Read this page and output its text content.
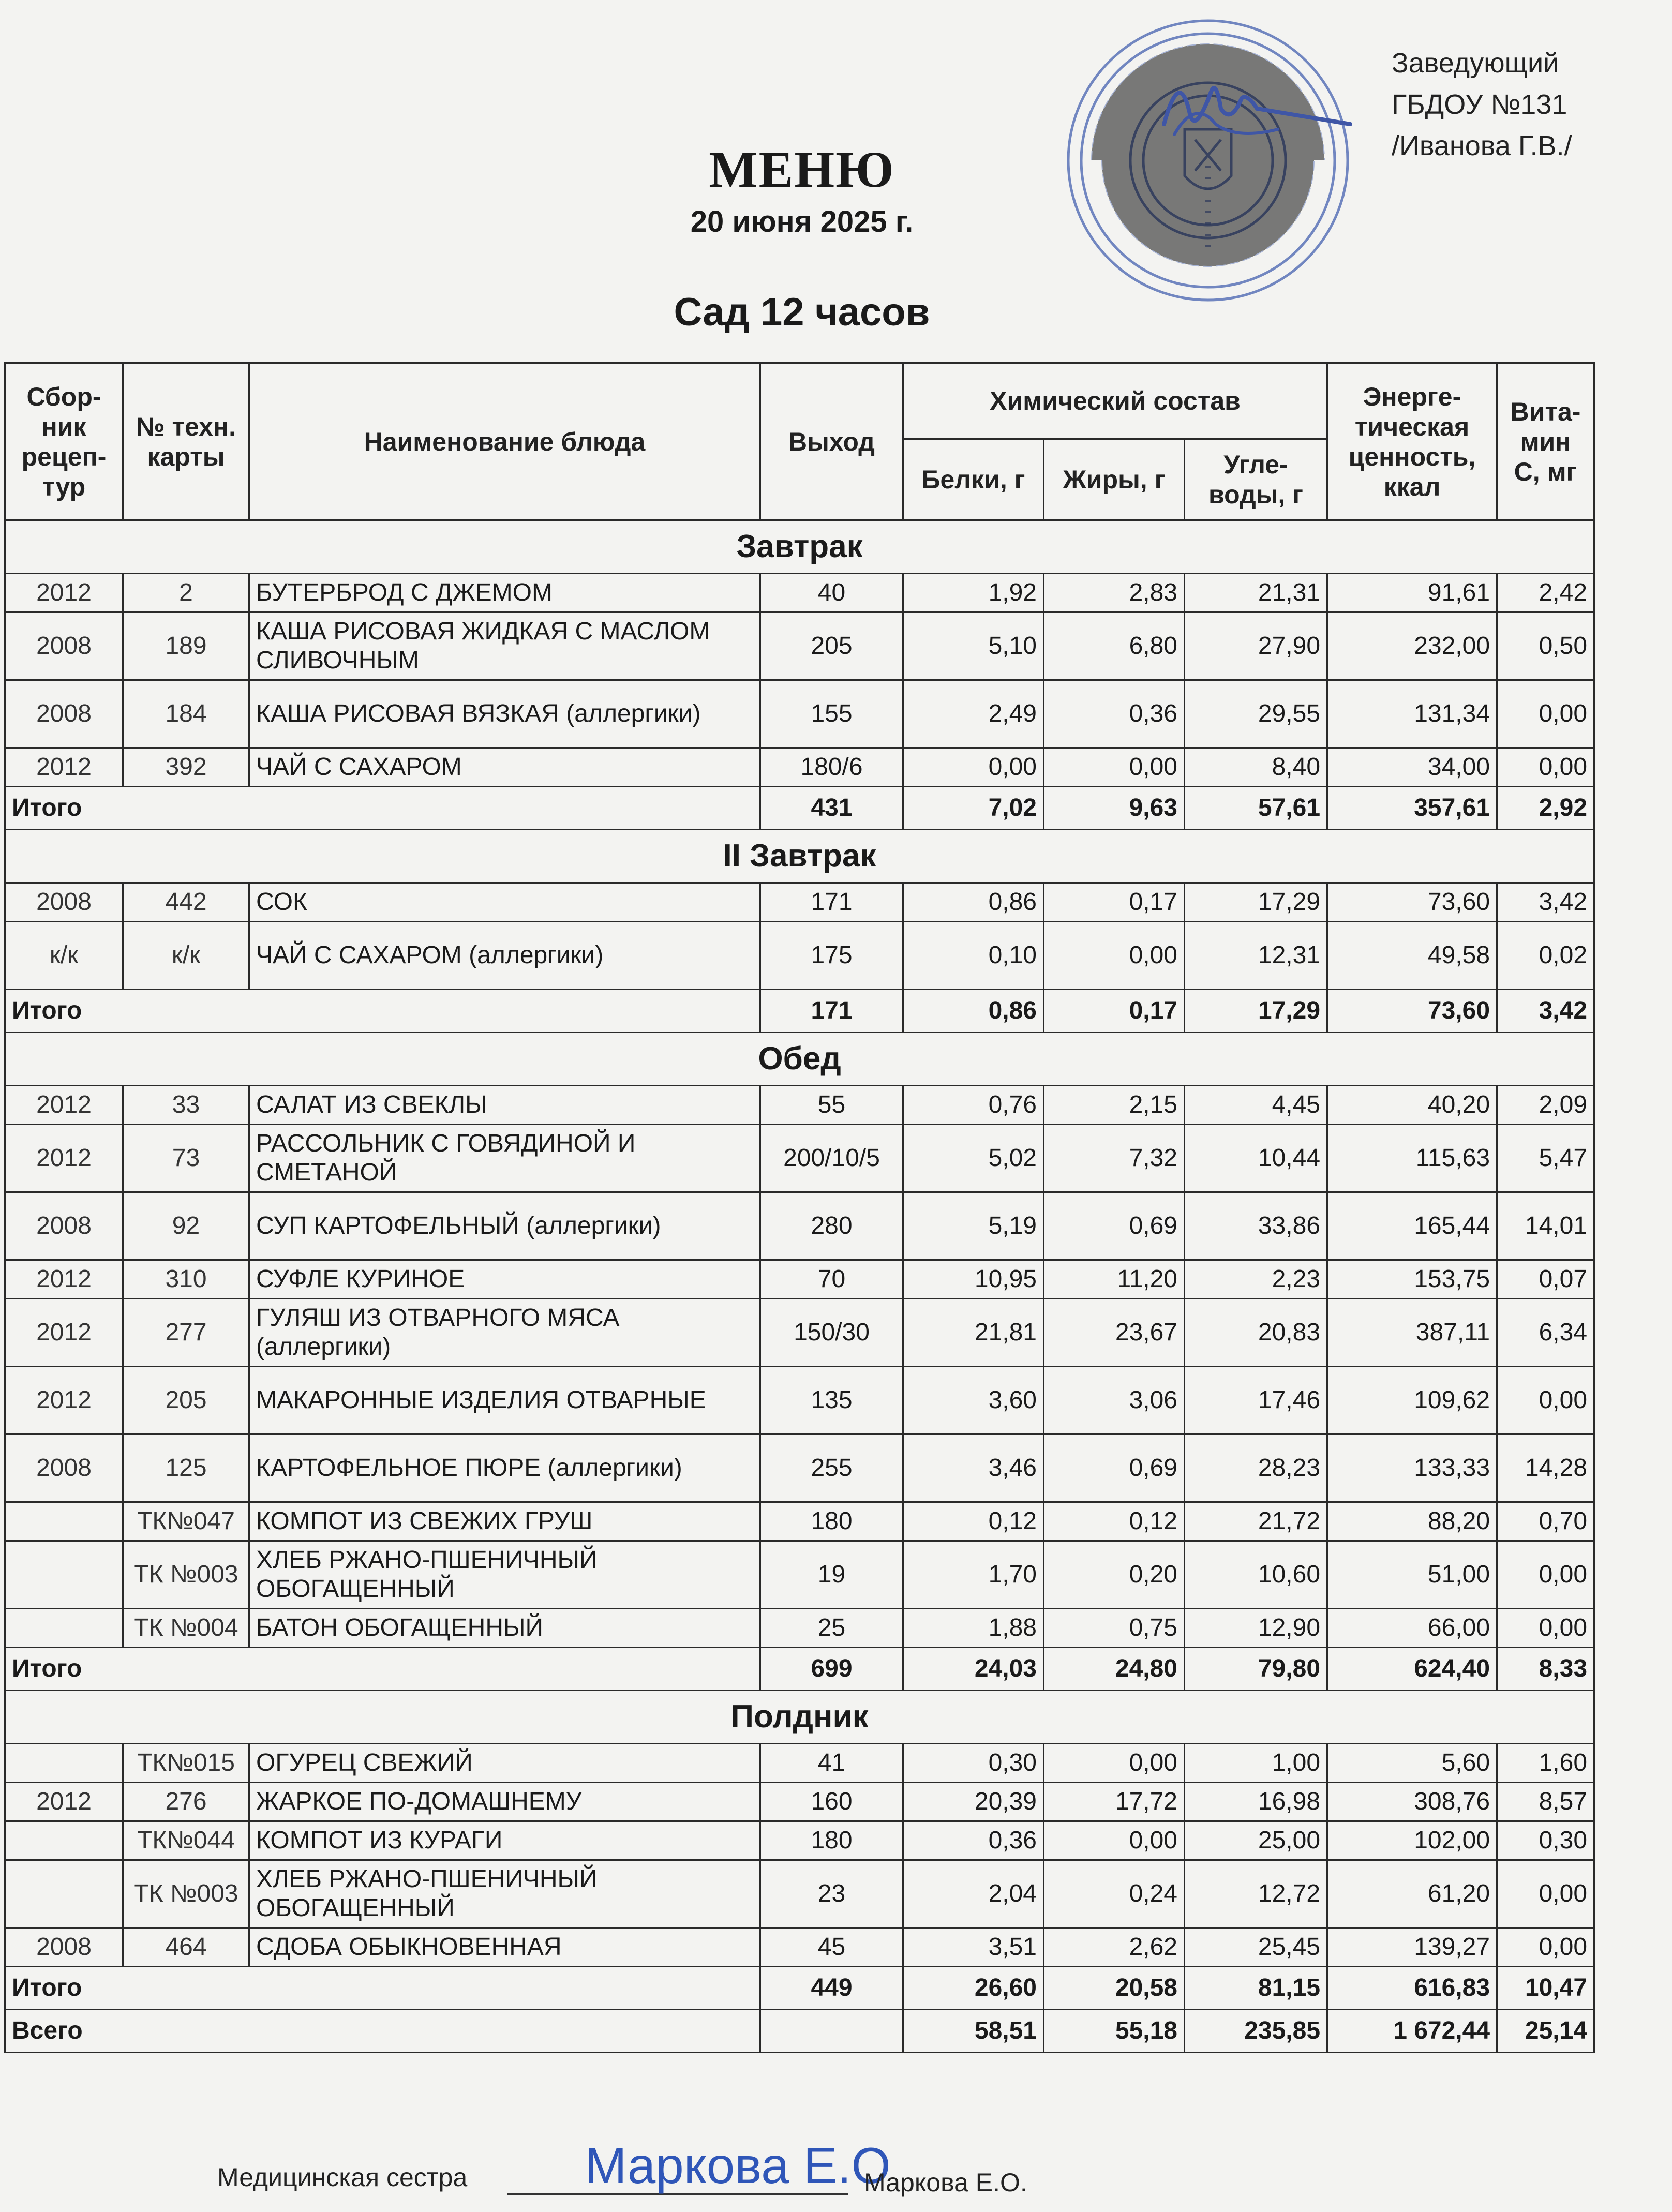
Заведующий
ГБДОУ №131
/Иванова Г.В./
МЕНЮ
20 июня 2025 г.
Сад 12 часов
Сбор-ник рецеп-тур	№ техн. карты	Наименование блюда	Выход	Химический состав			Энерге-тическая ценность, ккал	Вита-мин С, мг
				Белки, г	Жиры, г	Угле-воды, г		
Завтрак								
2012	2	БУТЕРБРОД С ДЖЕМОМ	40	1,92	2,83	21,31	91,61	2,42
2008	189	КАША РИСОВАЯ ЖИДКАЯ С МАСЛОМ СЛИВОЧНЫМ	205	5,10	6,80	27,90	232,00	0,50
2008	184	КАША РИСОВАЯ ВЯЗКАЯ (аллергики)	155	2,49	0,36	29,55	131,34	0,00
2012	392	ЧАЙ С САХАРОМ	180/6	0,00	0,00	8,40	34,00	0,00
Итого			431	7,02	9,63	57,61	357,61	2,92
II Завтрак								
2008	442	СОК	171	0,86	0,17	17,29	73,60	3,42
к/к	к/к	ЧАЙ С САХАРОМ (аллергики)	175	0,10	0,00	12,31	49,58	0,02
Итого			171	0,86	0,17	17,29	73,60	3,42
Обед								
2012	33	САЛАТ ИЗ СВЕКЛЫ	55	0,76	2,15	4,45	40,20	2,09
2012	73	РАССОЛЬНИК С ГОВЯДИНОЙ И СМЕТАНОЙ	200/10/5	5,02	7,32	10,44	115,63	5,47
2008	92	СУП КАРТОФЕЛЬНЫЙ (аллергики)	280	5,19	0,69	33,86	165,44	14,01
2012	310	СУФЛЕ КУРИНОЕ	70	10,95	11,20	2,23	153,75	0,07
2012	277	ГУЛЯШ ИЗ ОТВАРНОГО МЯСА (аллергики)	150/30	21,81	23,67	20,83	387,11	6,34
2012	205	МАКАРОННЫЕ ИЗДЕЛИЯ ОТВАРНЫЕ	135	3,60	3,06	17,46	109,62	0,00
2008	125	КАРТОФЕЛЬНОЕ ПЮРЕ (аллергики)	255	3,46	0,69	28,23	133,33	14,28
	ТК№047	КОМПОТ ИЗ СВЕЖИХ ГРУШ	180	0,12	0,12	21,72	88,20	0,70
	ТК №003	ХЛЕБ РЖАНО-ПШЕНИЧНЫЙ ОБОГАЩЕННЫЙ	19	1,70	0,20	10,60	51,00	0,00
	ТК №004	БАТОН ОБОГАЩЕННЫЙ	25	1,88	0,75	12,90	66,00	0,00
Итого			699	24,03	24,80	79,80	624,40	8,33
Полдник								
	ТК№015	ОГУРЕЦ СВЕЖИЙ	41	0,30	0,00	1,00	5,60	1,60
2012	276	ЖАРКОЕ ПО-ДОМАШНЕМУ	160	20,39	17,72	16,98	308,76	8,57
	ТК№044	КОМПОТ ИЗ КУРАГИ	180	0,36	0,00	25,00	102,00	0,30
	ТК №003	ХЛЕБ РЖАНО-ПШЕНИЧНЫЙ ОБОГАЩЕННЫЙ	23	2,04	0,24	12,72	61,20	0,00
2008	464	СДОБА ОБЫКНОВЕННАЯ	45	3,51	2,62	25,45	139,27	0,00
Итого			449	26,60	20,58	81,15	616,83	10,47
Всего				58,51	55,18	235,85	1 672,44	25,14
Медицинская сестра Маркова Е.О
Маркова Е.О.
